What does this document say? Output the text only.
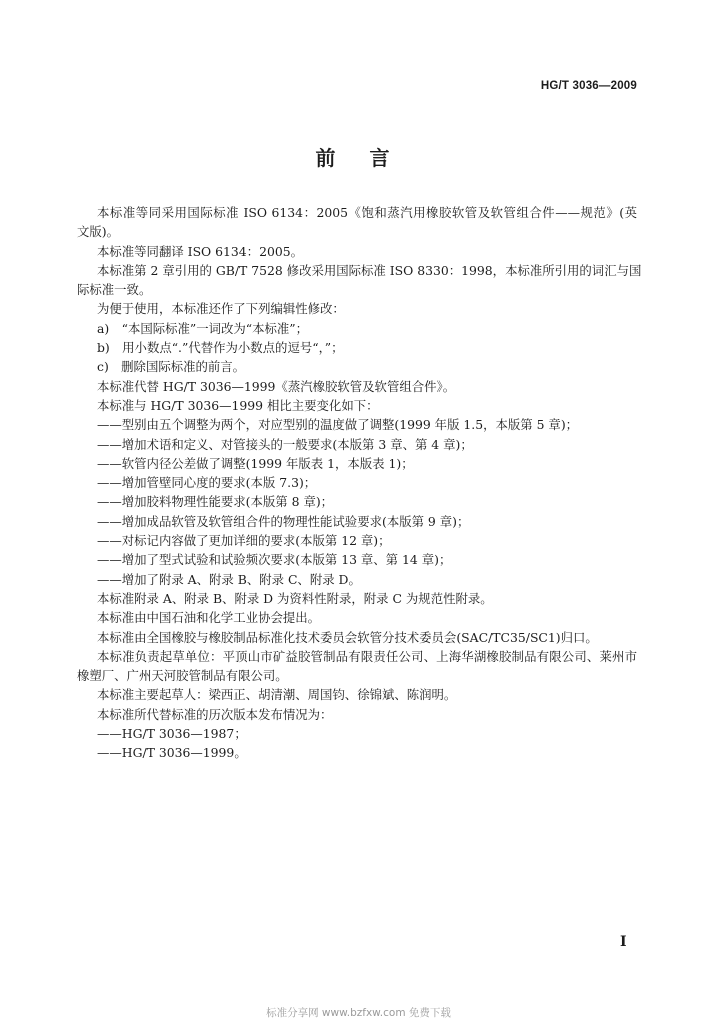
HG/T 3036—2009
前　言
本标准等同采用国际标准 ISO 6134：2005《饱和蒸汽用橡胶软管及软管组合件——规范》(英
文版)。
本标准等同翻译 ISO 6134：2005。
本标准第 2 章引用的 GB/T 7528 修改采用国际标准 ISO 8330：1998，本标准所引用的词汇与国
际标准一致。
为便于使用，本标准还作了下列编辑性修改：
a)　“本国际标准”一词改为“本标准”；
b)　用小数点“.”代替作为小数点的逗号“，”；
c)　删除国际标准的前言。
本标准代替 HG/T 3036—1999《蒸汽橡胶软管及软管组合件》。
本标准与 HG/T 3036—1999 相比主要变化如下：
——型别由五个调整为两个，对应型别的温度做了调整(1999 年版 1.5，本版第 5 章)；
——增加术语和定义、对管接头的一般要求(本版第 3 章、第 4 章)；
——软管内径公差做了调整(1999 年版表 1，本版表 1)；
——增加管壁同心度的要求(本版 7.3)；
——增加胶料物理性能要求(本版第 8 章)；
——增加成品软管及软管组合件的物理性能试验要求(本版第 9 章)；
——对标记内容做了更加详细的要求(本版第 12 章)；
——增加了型式试验和试验频次要求(本版第 13 章、第 14 章)；
——增加了附录 A、附录 B、附录 C、附录 D。
本标准附录 A、附录 B、附录 D 为资料性附录，附录 C 为规范性附录。
本标准由中国石油和化学工业协会提出。
本标准由全国橡胶与橡胶制品标准化技术委员会软管分技术委员会(SAC/TC35/SC1)归口。
本标准负责起草单位：平顶山市矿益胶管制品有限责任公司、上海华湖橡胶制品有限公司、莱州市
橡塑厂、广州天河胶管制品有限公司。
本标准主要起草人：梁西正、胡清潮、周国钧、徐锦斌、陈润明。
本标准所代替标准的历次版本发布情况为：
——HG/T 3036—1987；
——HG/T 3036—1999。
I
标准分享网 www.bzfxw.com 免费下载
